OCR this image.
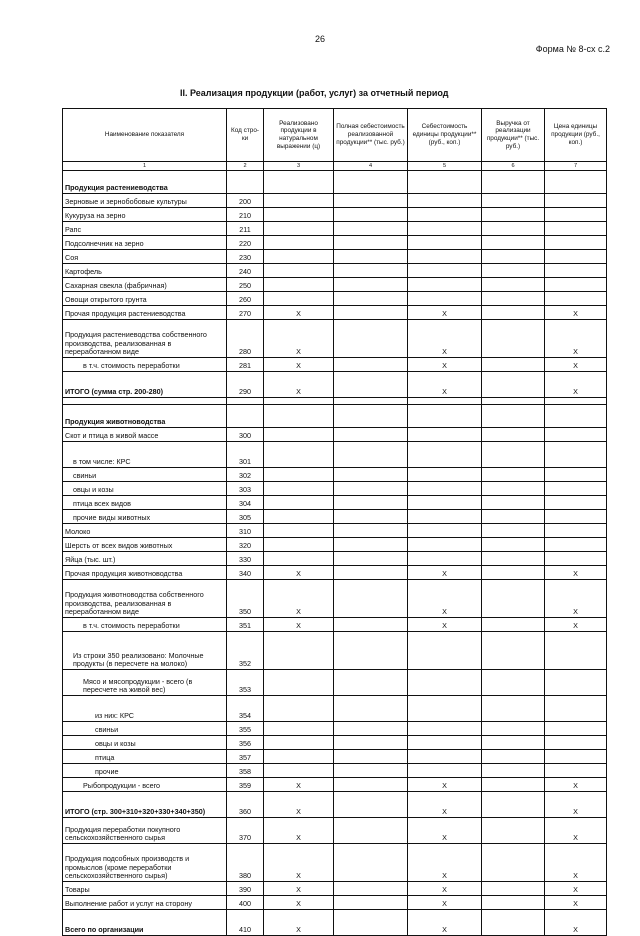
26
Форма № 8-сх с.2
II. Реализация продукции (работ, услуг) за отчетный период
Наименование показателя	Код стро-ки	Реализовано продукции в натуральном выражении (ц)	Полная себестоимость реализованной продукции** (тыс. руб.)	Себестоимость единицы продукции** (руб., коп.)	Выручка от реализации продукции** (тыс. руб.)	Цена единицы продукции (руб., коп.)
1	2	3	4	5	6	7
Продукция растениеводства						
Зерновые и зернобобовые культуры	200					
Кукуруза на зерно	210					
Рапс	211					
Подсолнечник на зерно	220					
Соя	230					
Картофель	240					
Сахарная свекла (фабричная)	250					
Овощи открытого грунта	260					
Прочая продукция растениеводства	270	X		X		X
Продукция растениеводства собственного производства, реализованная в переработанном виде	280	X		X		X
в т.ч. стоимость переработки	281	X		X		X
ИТОГО (сумма стр. 200-280)	290	X		X		X

Продукция животноводства						
Скот и птица в живой массе	300					
в том числе: КРС	301					
свиньи	302					
овцы и козы	303					
птица всех видов	304					
прочие виды животных	305					
Молоко	310					
Шерсть от всех видов животных	320					
Яйца (тыс. шт.)	330					
Прочая продукция животноводства	340	X		X		X
Продукция животноводства собственного производства, реализованная в переработанном виде	350	X		X		X
в т.ч. стоимость переработки	351	X		X		X
Из строки 350 реализовано: Молочные продукты (в пересчете на молоко)	352					
Мясо и мясопродукции - всего (в пересчете на живой вес)	353					
из них: КРС	354					
свиньи	355					
овцы и козы	356					
птица	357					
прочие	358					
Рыбопродукции - всего	359	X		X		X
ИТОГО (стр. 300+310+320+330+340+350)	360	X		X		X
Продукция переработки покупного сельскохозяйственного сырья	370	X		X		X
Продукция подсобных производств и промыслов (кроме переработки сельскохозяйственного сырья)	380	X		X		X
Товары	390	X		X		X
Выполнение работ и услуг на сторону	400	X		X		X
Всего по организации	410	X		X		X
